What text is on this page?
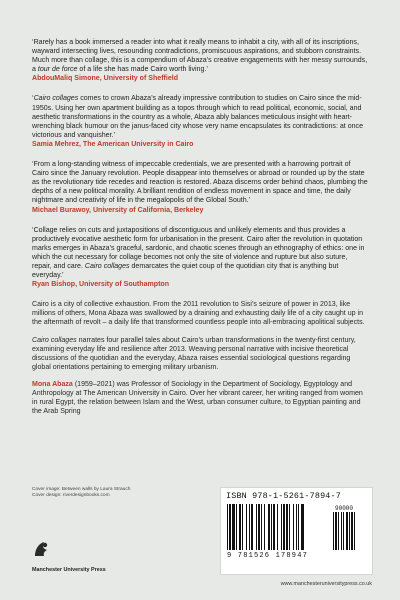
‘Rarely has a book immersed a reader into what it really means to inhabit a city, with all of its inscriptions, wayward intersecting lives, resounding contradictions, promiscuous aspirations, and stubborn constraints. Much more than collage, this is a compendium of Abaza’s creative engagements with her messy surrounds, a tour de force of a life she has made Cairo worth living.’

AbdouMaliq Simone, University of Sheffield

‘Cairo collages comes to crown Abaza’s already impressive contribution to studies on Cairo since the mid-1950s. Using her own apartment building as a topos through which to read political, economic, social, and aesthetic transformations in the country as a whole, Abaza ably balances meticulous insight with heart-wrenching black humour on the janus-faced city whose very name encapsulates its contradictions: at once victorious and vanquisher.’

Samia Mehrez, The American University in Cairo

‘From a long-standing witness of impeccable credentials, we are presented with a harrowing portrait of Cairo since the January revolution. People disappear into themselves or abroad or rounded up by the state as the revolutionary tide recedes and reaction is restored. Abaza discerns order behind chaos, plumbing the depths of a new political morality. A brilliant rendition of endless movement in space and time, the daily nightmare and creativity of life in the megalopolis of the Global South.’

Michael Burawoy, University of California, Berkeley

‘Collage relies on cuts and juxtapositions of discontiguous and unlikely elements and thus provides a productively evocative aesthetic form for urbanisation in the present. Cairo after the revolution in quotation marks emerges in Abaza’s graceful, sardonic, and chaotic scenes through an ethnography of ethics: one in which the cut necessary for collage becomes not only the site of violence and rupture but also suture, repair, and care. Cairo collages demarcates the quiet coup of the quotidian city that is anything but everyday.’

Ryan Bishop, University of Southampton

Cairo is a city of collective exhaustion. From the 2011 revolution to Sisi’s seizure of power in 2013, like millions of others, Mona Abaza was swallowed by a draining and exhausting daily life of a city caught up in the aftermath of revolt – a daily life that transformed countless people into all-embracing apolitical subjects.

Cairo collages narrates four parallel tales about Cairo’s urban transformations in the twenty-first century, examining everyday life and resilience after 2013. Weaving personal narrative with incisive theoretical discussions of the quotidian and the everyday, Abaza raises essential sociological questions regarding global orientations pertaining to emerging military urbanism.

Mona Abaza (1959–2021) was Professor of Sociology in the Department of Sociology, Egyptology and Anthropology at The American University in Cairo. Over her vibrant career, her writing ranged from women in rural Egypt, the relation between Islam and the West, urban consumer culture, to Egyptian painting and the Arab Spring

Cover image: Between walls by Laura Strauch
Cover design: riverdesignbooks.com
Manchester University Press
ISBN 978-1-5261-7894-7
90000
9 781526 178947
www.manchesteruniversitypress.co.uk
